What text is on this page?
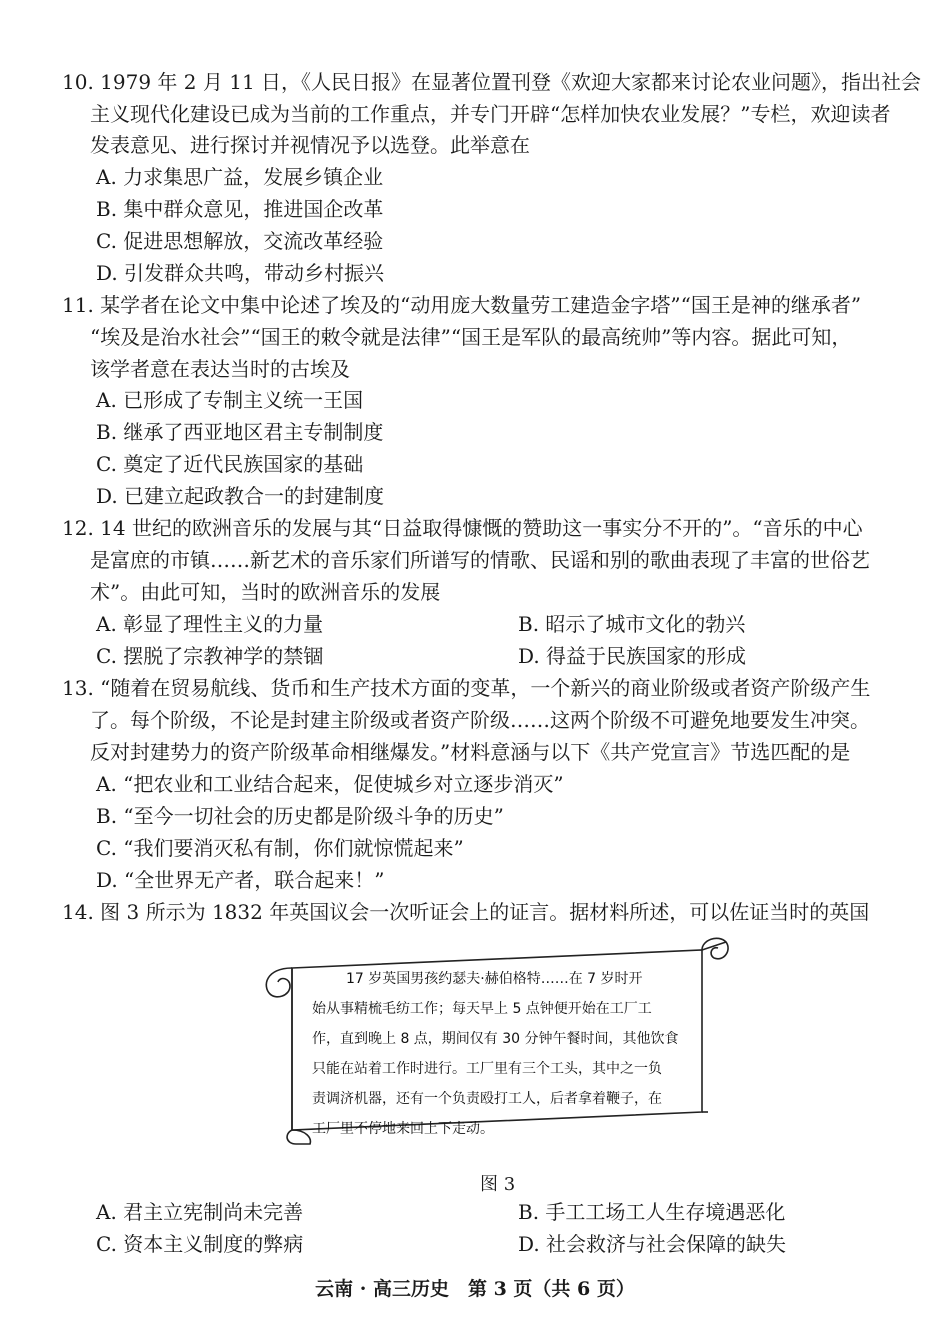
10. 1979 年 2 月 11 日，《人民日报》在显著位置刊登《欢迎大家都来讨论农业问题》，指出社会
主义现代化建设已成为当前的工作重点，并专门开辟“怎样加快农业发展？”专栏，欢迎读者
发表意见、进行探讨并视情况予以选登。此举意在
A. 力求集思广益，发展乡镇企业
B. 集中群众意见，推进国企改革
C. 促进思想解放，交流改革经验
D. 引发群众共鸣，带动乡村振兴
11. 某学者在论文中集中论述了埃及的“动用庞大数量劳工建造金字塔”“国王是神的继承者”
“埃及是治水社会”“国王的敕令就是法律”“国王是军队的最高统帅”等内容。据此可知，
该学者意在表达当时的古埃及
A. 已形成了专制主义统一王国
B. 继承了西亚地区君主专制制度
C. 奠定了近代民族国家的基础
D. 已建立起政教合一的封建制度
12. 14 世纪的欧洲音乐的发展与其“日益取得慷慨的赞助这一事实分不开的”。“音乐的中心
是富庶的市镇……新艺术的音乐家们所谱写的情歌、民谣和别的歌曲表现了丰富的世俗艺
术”。由此可知，当时的欧洲音乐的发展
A. 彰显了理性主义的力量	B. 昭示了城市文化的勃兴
C. 摆脱了宗教神学的禁锢	D. 得益于民族国家的形成
13. “随着在贸易航线、货币和生产技术方面的变革，一个新兴的商业阶级或者资产阶级产生
了。每个阶级，不论是封建主阶级或者资产阶级……这两个阶级不可避免地要发生冲突。
反对封建势力的资产阶级革命相继爆发。”材料意涵与以下《共产党宣言》节选匹配的是
A. “把农业和工业结合起来，促使城乡对立逐步消灭”
B. “至今一切社会的历史都是阶级斗争的历史”
C. “我们要消灭私有制，你们就惊慌起来”
D. “全世界无产者，联合起来！”
14. 图 3 所示为 1832 年英国议会一次听证会上的证言。据材料所述，可以佐证当时的英国
17 岁英国男孩约瑟夫·赫伯格特……在 7 岁时开
始从事精梳毛纺工作；每天早上 5 点钟便开始在工厂工
作，直到晚上 8 点，期间仅有 30 分钟午餐时间，其他饮食
只能在站着工作时进行。工厂里有三个工头，其中之一负
责调济机器，还有一个负责殴打工人，后者拿着鞭子，在
工厂里不停地来回上下走动。
图 3
A. 君主立宪制尚未完善	B. 手工工场工人生存境遇恶化
C. 资本主义制度的弊病	D. 社会救济与社会保障的缺失
云南 · 高三历史　第 3 页（共 6 页）
